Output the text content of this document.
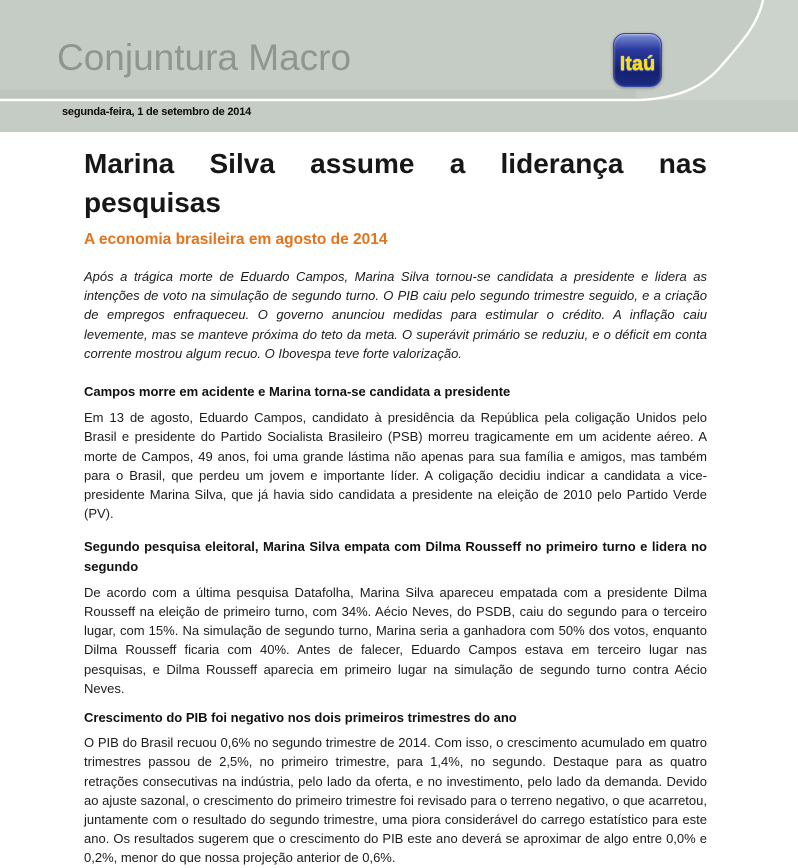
Conjuntura Macro	Itaú
segunda-feira, 1 de setembro de 2014
Marina Silva assume a liderança nas pesquisas
A economia brasileira em agosto de 2014

Após a trágica morte de Eduardo Campos, Marina Silva tornou-se candidata a presidente e lidera as intenções de voto na simulação de segundo turno. O PIB caiu pelo segundo trimestre seguido, e a criação de empregos enfraqueceu. O governo anunciou medidas para estimular o crédito. A inflação caiu levemente, mas se manteve próxima do teto da meta. O superávit primário se reduziu, e o déficit em conta corrente mostrou algum recuo. O Ibovespa teve forte valorização.

Campos morre em acidente e Marina torna-se candidata a presidente

Em 13 de agosto, Eduardo Campos, candidato à presidência da República pela coligação Unidos pelo Brasil e presidente do Partido Socialista Brasileiro (PSB) morreu tragicamente em um acidente aéreo. A morte de Campos, 49 anos, foi uma grande lástima não apenas para sua família e amigos, mas também para o Brasil, que perdeu um jovem e importante líder. A coligação decidiu indicar a candidata a vice-presidente Marina Silva, que já havia sido candidata a presidente na eleição de 2010 pelo Partido Verde (PV).

Segundo pesquisa eleitoral, Marina Silva empata com Dilma Rousseff no primeiro turno e lidera no segundo

De acordo com a última pesquisa Datafolha, Marina Silva apareceu empatada com a presidente Dilma Rousseff na eleição de primeiro turno, com 34%. Aécio Neves, do PSDB, caiu do segundo para o terceiro lugar, com 15%. Na simulação de segundo turno, Marina seria a ganhadora com 50% dos votos, enquanto Dilma Rousseff ficaria com 40%. Antes de falecer, Eduardo Campos estava em terceiro lugar nas pesquisas, e Dilma Rousseff aparecia em primeiro lugar na simulação de segundo turno contra Aécio Neves.

Crescimento do PIB foi negativo nos dois primeiros trimestres do ano

O PIB do Brasil recuou 0,6% no segundo trimestre de 2014. Com isso, o crescimento acumulado em quatro trimestres passou de 2,5%, no primeiro trimestre, para 1,4%, no segundo. Destaque para as quatro retrações consecutivas na indústria, pelo lado da oferta, e no investimento, pelo lado da demanda. Devido ao ajuste sazonal, o crescimento do primeiro trimestre foi revisado para o terreno negativo, o que acarretou, juntamente com o resultado do segundo trimestre, uma piora considerável do carrego estatístico para este ano. Os resultados sugerem que o crescimento do PIB este ano deverá se aproximar de algo entre 0,0% e 0,2%, menor do que nossa projeção anterior de 0,6%.
